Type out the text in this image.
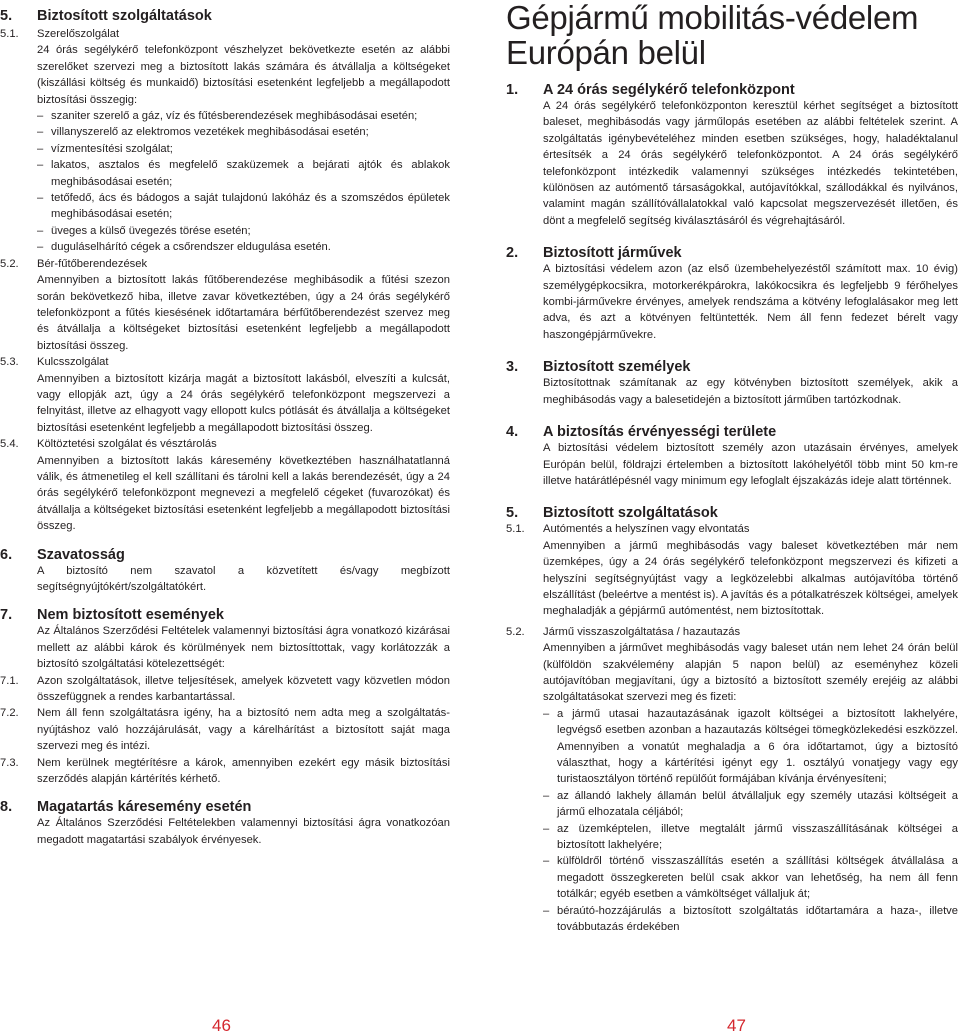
5.	Biztosított szolgáltatások
5.1.	Szerelőszolgálat
24 órás segélykérő telefonközpont vészhelyzet bekövetkezte esetén az alábbi szerelőket szervezi meg a biztosított lakás számára és átvállalja a költségeket (kiszállási költség és munkaidő) biztosítási esetenként legfeljebb a megállapodott biztosítási összegig:
– szaniter szerelő a gáz, víz és fűtésberendezések meghibásodásai esetén;
– villanyszerelő az elektromos vezetékek meghibásodásai esetén;
– vízmentesítési szolgálat;
– lakatos, asztalos és megfelelő szaküzemek a bejárati ajtók és ablakok meghibásodásai esetén;
– tetőfedő, ács és bádogos a saját tulajdonú lakóház és a szomszédos épületek meghibásodásai esetén;
– üveges a külső üvegezés törése esetén;
– duguláselhárító cégek a csőrendszer eldugulása esetén.
5.2.	Bér-fűtőberendezések
Amennyiben a biztosított lakás fűtőberendezése meghibásodik a fűtési szezon során bekövetkező hiba, illetve zavar következtében, úgy a 24 órás segélykérő telefonközpont a fűtés kiesésének időtartamára bérfűtőberendezést szervez meg és átvállalja a költségeket biztosítási esetenként legfeljebb a megállapodott biztosítási összeg.
5.3.	Kulcsszolgálat
Amennyiben a biztosított kizárja magát a biztosított lakásból, elveszíti a kulcsát, vagy ellopják azt, úgy a 24 órás segélykérő telefonközpont megszervezi a felnyitást, illetve az elhagyott vagy ellopott kulcs pótlását és átvállalja a költségeket biztosítási esetenként legfeljebb a megállapodott biztosítási összeg.
5.4.	Költöztetési szolgálat és vésztárolás
Amennyiben a biztosított lakás káresemény következtében használhatatlanná válik, és átmenetileg el kell szállítani és tárolni kell a lakás berendezését, úgy a 24 órás segélykérő telefonközpont megnevezi a megfelelő cégeket (fuvarozókat) és átvállalja a költségeket biztosítási esetenként legfeljebb a megállapodott biztosítási összeg.
6.	Szavatosság
A biztosító nem szavatol a közvetített és/vagy megbízott segítségnyújtókért/szolgáltatókért.
7.	Nem biztosított események
Az Általános Szerződési Feltételek valamennyi biztosítási ágra vonatkozó kizárásai mellett az alábbi károk és körülmények nem biztosíttottak, vagy korlátozzák a biztosító szolgáltatási kötelezettségét:
7.1.	Azon szolgáltatások, illetve teljesítések, amelyek közvetett vagy közvetlen módon összefüggnek a rendes karbantartással.
7.2.	Nem áll fenn szolgáltatásra igény, ha a biztosító nem adta meg a szolgáltatás-nyújtáshoz való hozzájárulását, vagy a kárelhárítást a biztosított saját maga szervezi meg és intézi.
7.3.	Nem kerülnek megtérítésre a károk, amennyiben ezekért egy másik biztosítási szerződés alapján kártérítés kérhető.
8.	Magatartás káresemény esetén
Az Általános Szerződési Feltételekben valamennyi biztosítási ágra vonatkozóan megadott magatartási szabályok érvényesek.
Gépjármű mobilitás-védelem Európán belül
1.	A 24 órás segélykérő telefonközpont
A 24 órás segélykérő telefonközponton keresztül kérhet segítséget a biztosított baleset, meghibásodás vagy járműlopás esetében az alábbi feltételek szerint. A szolgáltatás igénybevételéhez minden esetben szükséges, hogy, haladéktalanul értesítsék a 24 órás segélykérő telefonközpontot. A 24 órás segélykérő telefonközpont intézkedik valamennyi szükséges intézkedés tekintetében, különösen az autómentő társaságokkal, autójavítókkal, szállodákkal és nyilvános, valamint magán szállítóvállalatokkal való kapcsolat megszervezését illetően, és dönt a megfelelő segítség kiválasztásáról és végrehajtásáról.
2.	Biztosított járművek
A biztosítási védelem azon (az első üzembehelyezéstől számított max. 10 évig) személygépkocsikra, motorkerékpárokra, lakókocsikra és legfeljebb 9 férőhelyes kombi-járművekre érvényes, amelyek rendszáma a kötvény lefoglalásakor meg lett adva, és azt a kötvényen feltüntették. Nem áll fenn fedezet bérelt vagy haszongépjárművekre.
3.	Biztosított személyek
Biztosítottnak számítanak az egy kötvényben biztosított személyek, akik a meghibásodás vagy a balesetidején a biztosított járműben tartózkodnak.
4.	A biztosítás érvényességi területe
A biztosítási védelem biztosított személy azon utazásain érvényes, amelyek Európán belül, földrajzi értelemben a biztosított lakóhelyétől több mint 50 km-re illetve határátlépésnél vagy minimum egy lefoglalt éjszakázás ideje alatt történnek.
5.	Biztosított szolgáltatások
5.1.	Autómentés a helyszínen vagy elvontatás
Amennyiben a jármű meghibásodás vagy baleset következtében már nem üzemképes, úgy a 24 órás segélykérő telefonközpont megszervezi és kifizeti a helyszíni segítségnyújtást vagy a legközelebbi alkalmas autójavítóba történő elszállítást (beleértve a mentést is). A javítás és a pótalkatrészek költségei, amelyek meghaladják a gépjármű autómentést, nem biztosítottak.
5.2.	Jármű visszaszolgáltatása / hazautazás
Amennyiben a járművet meghibásodás vagy baleset után nem lehet 24 órán belül (külföldön szakvélemény alapján 5 napon belül) az eseményhez közeli autójavítóban megjavítani, úgy a biztosító a biztosított személy erejéig az alábbi szolgáltatásokat szervezi meg és fizeti:
– a jármű utasai hazautazásának igazolt költségei a biztosított lakhelyére, legvégső esetben azonban a hazautazás költségei tömegközlekedési eszközzel. Amennyiben a vonatút meghaladja a 6 óra időtartamot, úgy a biztosító választhat, hogy a kártérítési igényt egy 1. osztályú vonatjegy vagy egy turistaosztályon történő repülőút formájában kívánja érvényesíteni;
– az állandó lakhely államán belül átvállaljuk egy személy utazási költségeit a jármű elhozatala céljából;
– az üzemképtelen, illetve megtalált jármű visszaszállításának költségei a biztosított lakhelyére;
– külföldről történő visszaszállítás esetén a szállítási költségek átvállalása a megadott összegkereten belül csak akkor van lehetőség, ha nem áll fenn totálkár; egyéb esetben a vámköltséget vállaljuk át;
– béraútó-hozzájárulás a biztosított szolgáltatás időtartamára a haza-, illetve továbbutazás érdekében
46	47
